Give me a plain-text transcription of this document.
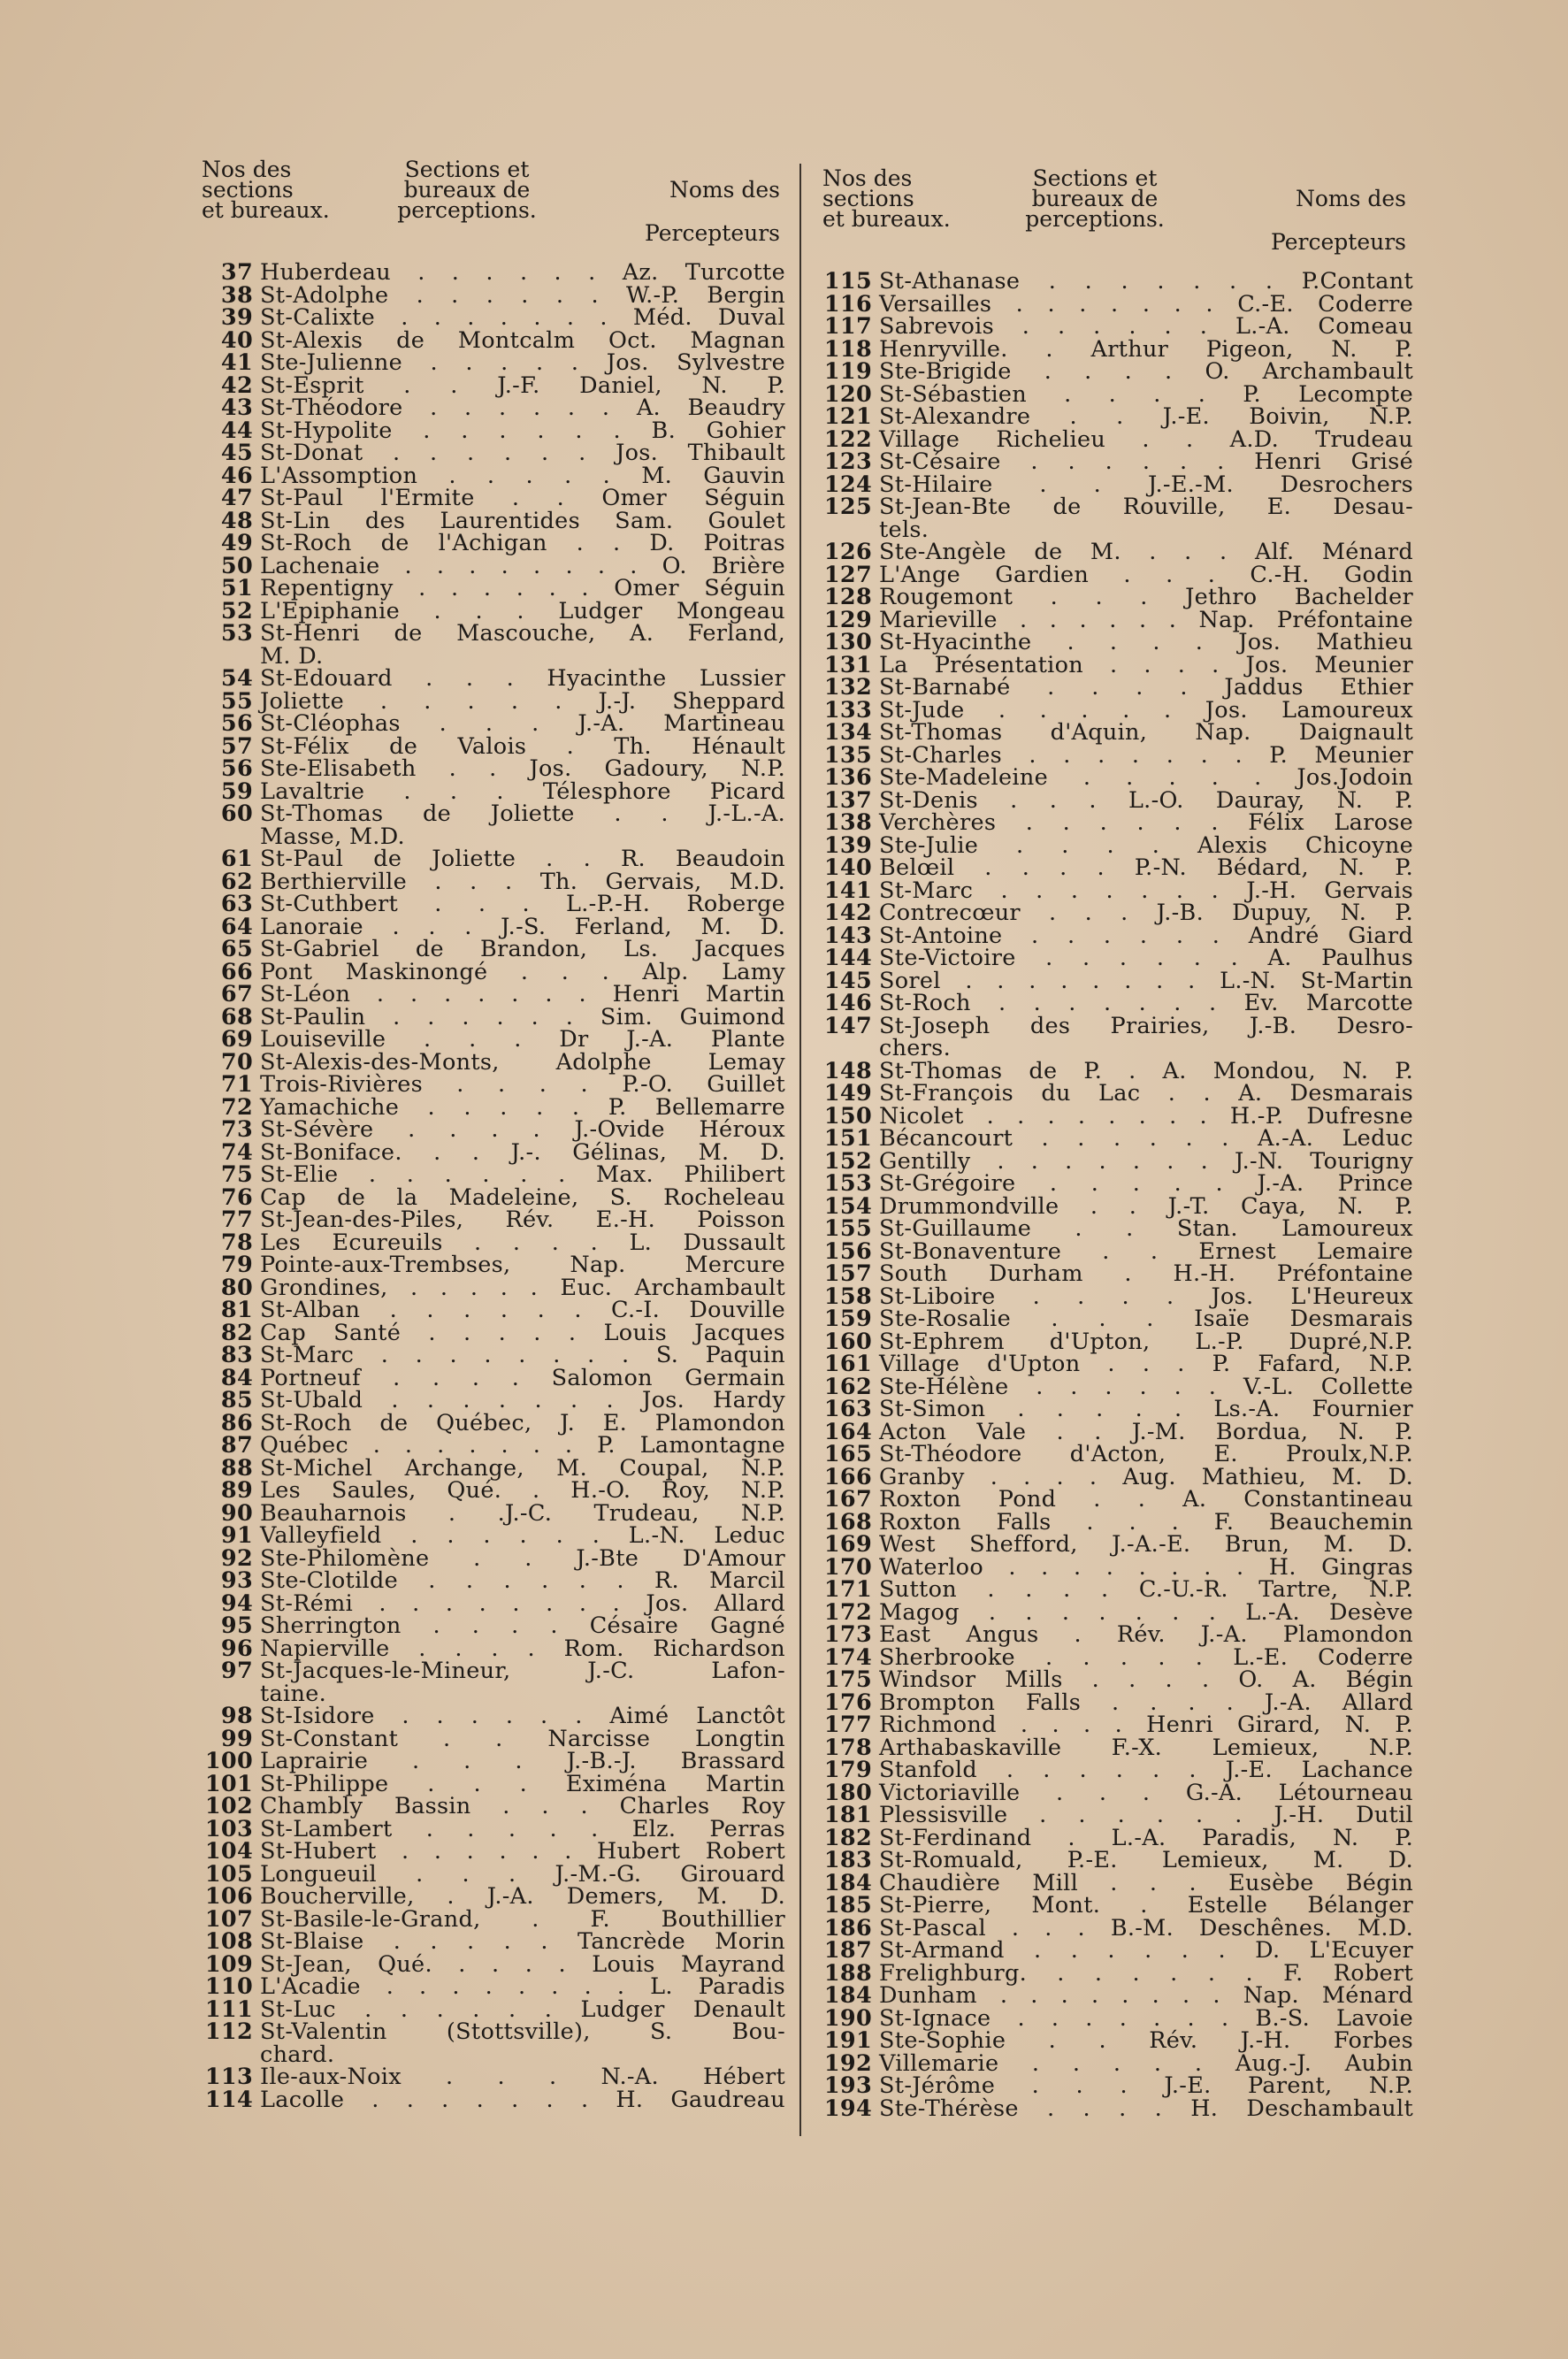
Nos des
sections
et bureaux.
Sections et
bureaux de
perceptions.

Noms des

Percepteurs

37 Huberdeau . . . . . . Az. Turcotte
38 St-Adolphe . . . . . . W.-P. Bergin
39 St-Calixte . . . . . . . Méd. Duval
40 St-Alexis de Montcalm Oct. Magnan
41 Ste-Julienne . . . . . Jos. Sylvestre
42 St-Esprit . . J.-F. Daniel, N. P.
43 St-Théodore . . . . . . A. Beaudry
44 St-Hypolite . . . . . . B. Gohier
45 St-Donat . . . . . . Jos. Thibault
46 L'Assomption . . . . . M. Gauvin
47 St-Paul l'Ermite . . Omer Séguin
48 St-Lin des Laurentides Sam. Goulet
49 St-Roch de l'Achigan . . D. Poitras
50 Lachenaie . . . . . . . . O. Brière
51 Repentigny . . . . . . Omer Séguin
52 L'Epiphanie . . . Ludger Mongeau
53 St-Henri de Mascouche, A. Ferland,
M. D.
54 St-Edouard . . . Hyacinthe Lussier
55 Joliette . . . . . J.-J. Sheppard
56 St-Cléophas . . . J.-A. Martineau
57 St-Félix de Valois . Th. Hénault
56 Ste-Elisabeth . . Jos. Gadoury, N.P.
59 Lavaltrie . . . Télesphore Picard
60 St-Thomas de Joliette . . J.-L.-A.
Masse, M.D.
61 St-Paul de Joliette . . R. Beaudoin
62 Berthierville . . . Th. Gervais, M.D.
63 St-Cuthbert . . . L.-P.-H. Roberge
64 Lanoraie . . . J.-S. Ferland, M. D.
65 St-Gabriel de Brandon, Ls. Jacques
66 Pont Maskinongé . . . Alp. Lamy
67 St-Léon . . . . . . . Henri Martin
68 St-Paulin . . . . . . Sim. Guimond
69 Louiseville . . . Dr J.-A. Plante
70 St-Alexis-des-Monts, Adolphe Lemay
71 Trois-Rivières . . . . P.-O. Guillet
72 Yamachiche . . . . . P. Bellemarre
73 St-Sévère . . . . J.-Ovide Héroux
74 St-Boniface. . . J.-. Gélinas, M. D.
75 St-Elie . . . . . . Max. Philibert
76 Cap de la Madeleine, S. Rocheleau
77 St-Jean-des-Piles, Rév. E.-H. Poisson
78 Les Ecureuils . . . . L. Dussault
79 Pointe-aux-Trembses, Nap. Mercure
80 Grondines, . . . . . Euc. Archambault
81 St-Alban . . . . . . C.-I. Douville
82 Cap Santé . . . . . Louis Jacques
83 St-Marc . . . . . . . . S. Paquin
84 Portneuf . . . . Salomon Germain
85 St-Ubald . . . . . . . Jos. Hardy
86 St-Roch de Québec, J. E. Plamondon
87 Québec . . . . . . . P. Lamontagne
88 St-Michel Archange, M. Coupal, N.P.
89 Les Saules, Qué. . H.-O. Roy, N.P.
90 Beauharnois . .J.-C. Trudeau, N.P.
91 Valleyfield . . . . . . L.-N. Leduc
92 Ste-Philomène . . J.-Bte D'Amour
93 Ste-Clotilde . . . . . . R. Marcil
94 St-Rémi . . . . . . . . Jos. Allard
95 Sherrington . . . . Césaire Gagné
96 Napierville . . . . Rom. Richardson
97 St-Jacques-le-Mineur, J.-C. Lafon-
taine.
98 St-Isidore . . . . . . Aimé Lanctôt
99 St-Constant . . Narcisse Longtin
100 Laprairie . . . J.-B.-J. Brassard
101 St-Philippe . . . Exiména Martin
102 Chambly Bassin . . . Charles Roy
103 St-Lambert . . . . . Elz. Perras
104 St-Hubert . . . . . . Hubert Robert
105 Longueuil . . . J.-M.-G. Girouard
106 Boucherville, . J.-A. Demers, M. D.
107 St-Basile-le-Grand, . F. Bouthillier
108 St-Blaise . . . . . Tancrède Morin
109 St-Jean, Qué. . . . . Louis Mayrand
110 L'Acadie . . . . . . . . L. Paradis
111 St-Luc . . . . . . Ludger Denault
112 St-Valentin (Stottsville), S. Bou-
chard.
113 Ile-aux-Noix . . . N.-A. Hébert
114 Lacolle . . . . . . . H. Gaudreau
Nos des
sections
et bureaux.
Sections et
bureaux de
perceptions.

Noms des

Percepteurs

115 St-Athanase . . . . . . . P.Contant
116 Versailles . . . . . . . C.-E. Coderre
117 Sabrevois . . . . . . L.-A. Comeau
118 Henryville. . Arthur Pigeon, N. P.
119 Ste-Brigide . . . . O. Archambault
120 St-Sébastien . . . . P. Lecompte
121 St-Alexandre . . J.-E. Boivin, N.P.
122 Village Richelieu . . A.D. Trudeau
123 St-Césaire . . . . . . Henri Grisé
124 St-Hilaire . . J.-E.-M. Desrochers
125 St-Jean-Bte de Rouville, E. Desau-
tels.
126 Ste-Angèle de M. . . . Alf. Ménard
127 L'Ange Gardien . . . C.-H. Godin
128 Rougemont . . . Jethro Bachelder
129 Marieville . . . . . . Nap. Préfontaine
130 St-Hyacinthe . . . . Jos. Mathieu
131 La Présentation . . . . Jos. Meunier
132 St-Barnabé . . . . Jaddus Ethier
133 St-Jude . . . . . Jos. Lamoureux
134 St-Thomas d'Aquin, Nap. Daignault
135 St-Charles . . . . . . . P. Meunier
136 Ste-Madeleine . . . . . Jos.Jodoin
137 St-Denis . . . L.-O. Dauray, N. P.
138 Verchères . . . . . . Félix Larose
139 Ste-Julie . . . . Alexis Chicoyne
140 Belœil . . . . P.-N. Bédard, N. P.
141 St-Marc . . . . . . . J.-H. Gervais
142 Contrecœur . . . J.-B. Dupuy, N. P.
143 St-Antoine . . . . . . André Giard
144 Ste-Victoire . . . . . . A. Paulhus
145 Sorel . . . . . . . . L.-N. St-Martin
146 St-Roch . . . . . . . Ev. Marcotte
147 St-Joseph des Prairies, J.-B. Desro-
chers.
148 St-Thomas de P. . A. Mondou, N. P.
149 St-François du Lac . . A. Desmarais
150 Nicolet . . . . . . . . H.-P. Dufresne
151 Bécancourt . . . . . . A.-A. Leduc
152 Gentilly . . . . . . . J.-N. Tourigny
153 St-Grégoire . . . . . J.-A. Prince
154 Drummondville . . J.-T. Caya, N. P.
155 St-Guillaume . . Stan. Lamoureux
156 St-Bonaventure . . Ernest Lemaire
157 South Durham . H.-H. Préfontaine
158 St-Liboire . . . . Jos. L'Heureux
159 Ste-Rosalie . . . Isaïe Desmarais
160 St-Ephrem d'Upton, L.-P. Dupré,N.P.
161 Village d'Upton . . . P. Fafard, N.P.
162 Ste-Hélène . . . . . . V.-L. Collette
163 St-Simon . . . . . Ls.-A. Fournier
164 Acton Vale . . J.-M. Bordua, N. P.
165 St-Théodore d'Acton, E. Proulx,N.P.
166 Granby . . . . Aug. Mathieu, M. D.
167 Roxton Pond . . A. Constantineau
168 Roxton Falls . . . F. Beauchemin
169 West Shefford, J.-A.-E. Brun, M. D.
170 Waterloo . . . . . . . . H. Gingras
171 Sutton . . . . C.-U.-R. Tartre, N.P.
172 Magog . . . . . . . L.-A. Desève
173 East Angus . Rév. J.-A. Plamondon
174 Sherbrooke . . . . . L.-E. Coderre
175 Windsor Mills . . . . O. A. Bégin
176 Brompton Falls . . . . J.-A. Allard
177 Richmond . . . . Henri Girard, N. P.
178 Arthabaskaville F.-X. Lemieux, N.P.
179 Stanfold . . . . . . J.-E. Lachance
180 Victoriaville . . . G.-A. Létourneau
181 Plessisville . . . . . . J.-H. Dutil
182 St-Ferdinand . L.-A. Paradis, N. P.
183 St-Romuald, P.-E. Lemieux, M. D.
184 Chaudière Mill . . . Eusèbe Bégin
185 St-Pierre, Mont. . Estelle Bélanger
186 St-Pascal . . . B.-M. Deschênes. M.D.
187 St-Armand . . . . . . D. L'Ecuyer
188 Frelighburg. . . . . . . F. Robert
184 Dunham . . . . . . . . Nap. Ménard
190 St-Ignace . . . . . . . B.-S. Lavoie
191 Ste-Sophie . . Rév. J.-H. Forbes
192 Villemarie . . . . . Aug.-J. Aubin
193 St-Jérôme . . . J.-E. Parent, N.P.
194 Ste-Thérèse . . . . H. Deschambault
